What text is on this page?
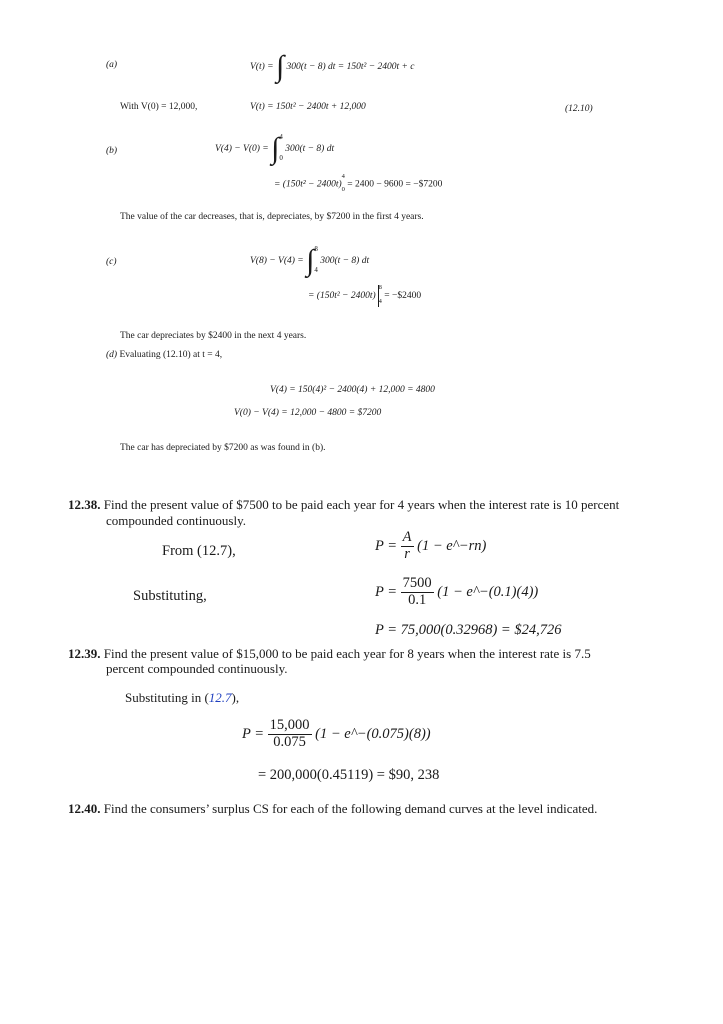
(a)	V(t) = ∫ 300(t − 8) dt = 150t² − 2400t + c
With V(0) = 12,000,	V(t) = 150t² − 2400t + 12,000	(12.10)
(b)	V(4) − V(0) = ∫ 4
0
300(t − 8) dt
= (150t² − 2400t)
4
0 = 2400 − 9600 = −$7200
The value of the car decreases, that is, depreciates, by $7200 in the first 4 years.
(c)	V(8) − V(4) = ∫ 8
4
300(t − 8) dt
= (150t² − 2400t)
8
4
= −$2400
The car depreciates by $2400 in the next 4 years.
(d) Evaluating (12.10) at t = 4,
V(4) = 150(4)² − 2400(4) + 12,000 = 4800
V(0) − V(4) = 12,000 − 4800 = $7200
The car has depreciated by $7200 as was found in (b).
12.38. Find the present value of $7500 to be paid each year for 4 years when the interest rate is 10 percent
compounded continuously.
From (12.7),	$P = \frac{A}{r} (1$ − e^−rn)
Substituting,	$P = \frac{7500}{0.1} (1$ − e^−(0.1)(4))
P = 75,000(0.32968) = $24,726
12.39. Find the present value of $15,000 to be paid each year for 8 years when the interest rate is 7.5
percent compounded continuously.
Substituting in (12.7),
$P = \frac{15,000}{0.075} (1$ − e^−(0.075)(8))
= 200,000(0.45119) = $90, 238
12.40. Find the consumers’ surplus CS for each of the following demand curves at the level indicated.
